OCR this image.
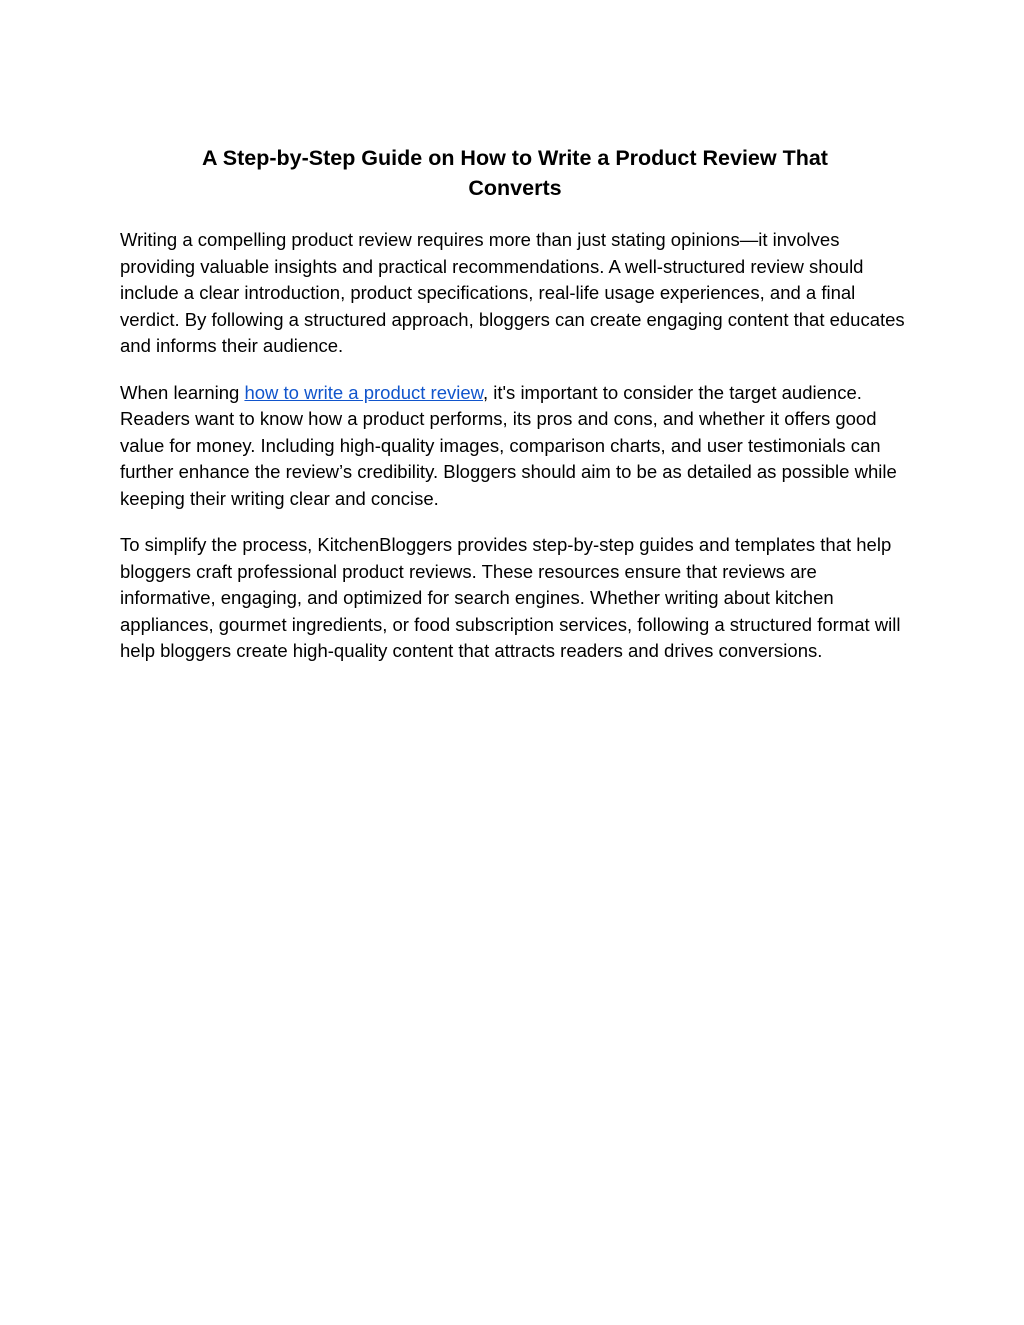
A Step-by-Step Guide on How to Write a Product Review That Converts

Writing a compelling product review requires more than just stating opinions—it involves providing valuable insights and practical recommendations. A well-structured review should include a clear introduction, product specifications, real-life usage experiences, and a final verdict. By following a structured approach, bloggers can create engaging content that educates and informs their audience.

When learning how to write a product review, it's important to consider the target audience. Readers want to know how a product performs, its pros and cons, and whether it offers good value for money. Including high-quality images, comparison charts, and user testimonials can further enhance the review’s credibility. Bloggers should aim to be as detailed as possible while keeping their writing clear and concise.

To simplify the process, KitchenBloggers provides step-by-step guides and templates that help bloggers craft professional product reviews. These resources ensure that reviews are informative, engaging, and optimized for search engines. Whether writing about kitchen appliances, gourmet ingredients, or food subscription services, following a structured format will help bloggers create high-quality content that attracts readers and drives conversions.
